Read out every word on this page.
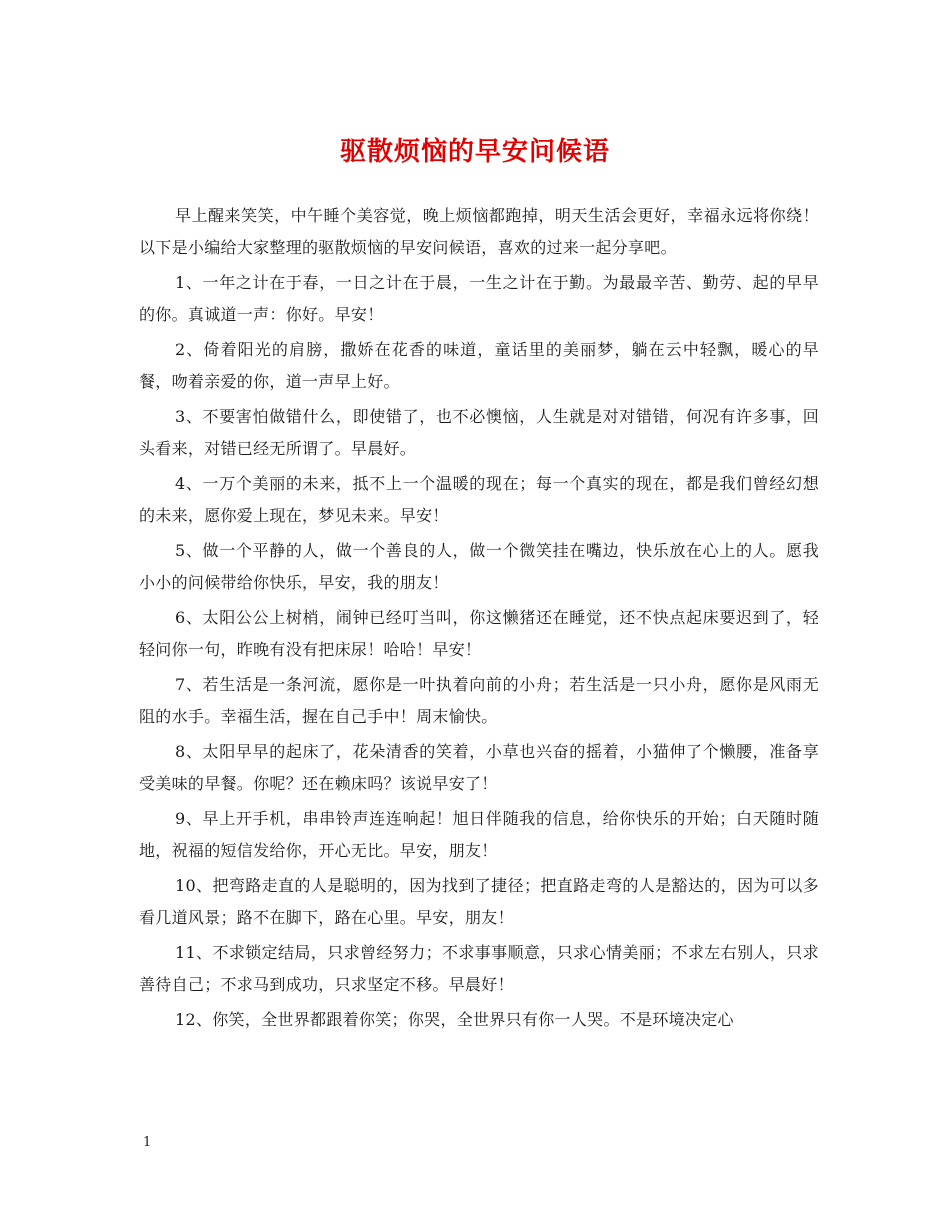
驱散烦恼的早安问候语

早上醒来笑笑，中午睡个美容觉，晚上烦恼都跑掉，明天生活会更好，幸福永远将你绕！以下是小编给大家整理的驱散烦恼的早安问候语，喜欢的过来一起分享吧。

1、一年之计在于春，一日之计在于晨，一生之计在于勤。为最最辛苦、勤劳、起的早早的你。真诚道一声：你好。早安！

2、倚着阳光的肩膀，撒娇在花香的味道，童话里的美丽梦，躺在云中轻飘，暖心的早餐，吻着亲爱的你，道一声早上好。

3、不要害怕做错什么，即使错了，也不必懊恼，人生就是对对错错，何况有许多事，回头看来，对错已经无所谓了。早晨好。

4、一万个美丽的未来，抵不上一个温暖的现在；每一个真实的现在，都是我们曾经幻想的未来，愿你爱上现在，梦见未来。早安！

5、做一个平静的人，做一个善良的人，做一个微笑挂在嘴边，快乐放在心上的人。愿我小小的问候带给你快乐，早安，我的朋友！

6、太阳公公上树梢，闹钟已经叮当叫，你这懒猪还在睡觉，还不快点起床要迟到了，轻轻问你一句，昨晚有没有把床尿！哈哈！早安！

7、若生活是一条河流，愿你是一叶执着向前的小舟；若生活是一只小舟，愿你是风雨无阻的水手。幸福生活，握在自己手中！周末愉快。

8、太阳早早的起床了，花朵清香的笑着，小草也兴奋的摇着，小猫伸了个懒腰，准备享受美味的早餐。你呢？还在赖床吗？该说早安了！

9、早上开手机，串串铃声连连响起！旭日伴随我的信息，给你快乐的开始；白天随时随地，祝福的短信发给你，开心无比。早安，朋友！

10、把弯路走直的人是聪明的，因为找到了捷径；把直路走弯的人是豁达的，因为可以多看几道风景；路不在脚下，路在心里。早安，朋友！

11、不求锁定结局，只求曾经努力；不求事事顺意，只求心情美丽；不求左右别人，只求善待自己；不求马到成功，只求坚定不移。早晨好！

12、你笑，全世界都跟着你笑；你哭，全世界只有你一人哭。不是环境决定心

1
